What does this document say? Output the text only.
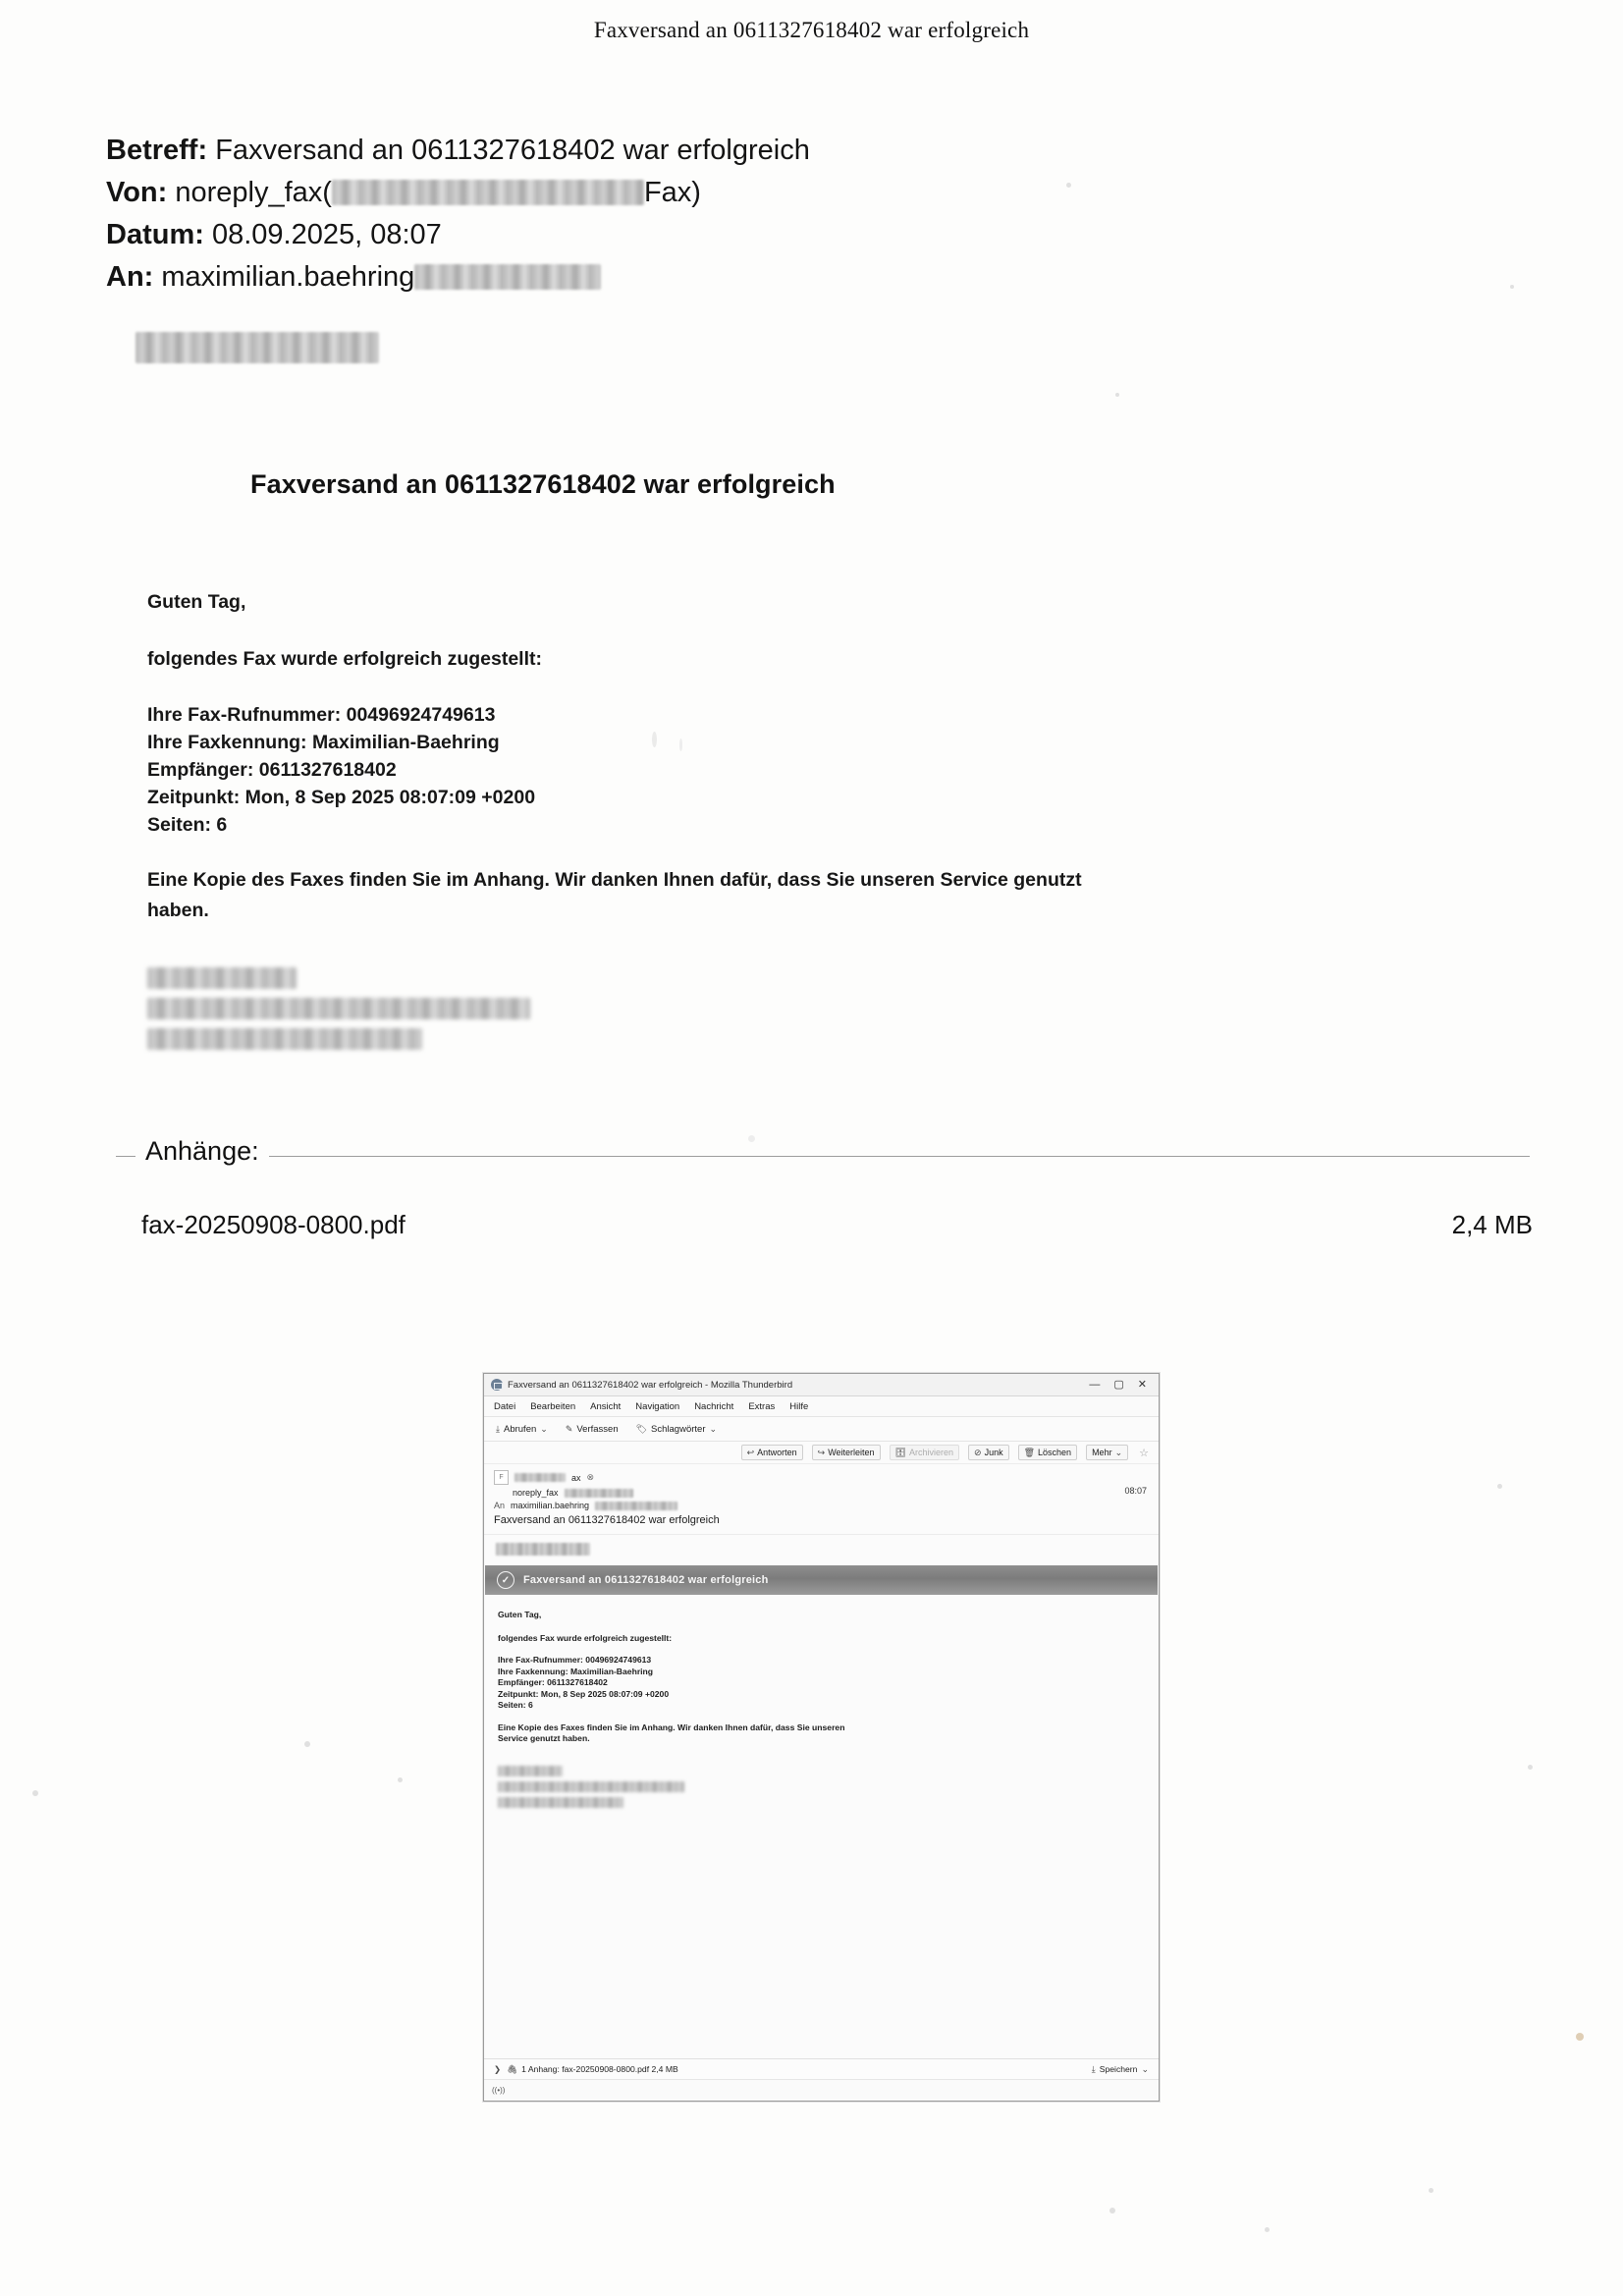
Faxversand an 0611327618402 war erfolgreich
Betreff: Faxversand an 0611327618402 war erfolgreich
Von: noreply_fax(	Fax)
Datum: 08.09.2025, 08:07
An: maximilian.baehring
Faxversand an 0611327618402 war erfolgreich

Guten Tag,

folgendes Fax wurde erfolgreich zugestellt:

Ihre Fax-Rufnummer: 00496924749613
Ihre Faxkennung: Maximilian-Baehring
Empfänger: 0611327618402
Zeitpunkt: Mon, 8 Sep 2025 08:07:09 +0200
Seiten: 6

Eine Kopie des Faxes finden Sie im Anhang. Wir danken Ihnen dafür, dass Sie unseren Service genutzt haben.

Anhänge:
fax-20250908-0800.pdf	2,4 MB
Faxversand an 0611327618402 war erfolgreich - Mozilla Thunderbird	— ▢ ✕
Datei Bearbeiten Ansicht Navigation Nachricht Extras Hilfe
⤓ Abrufen ⌄ ✎ Verfassen 🏷 Schlagwörter ⌄
↩ Antworten ↪ Weiterleiten 🗄 Archivieren ⊘ Junk 🗑 Löschen Mehr ⌄ ☆
F	ax ⊗
noreply_fax
An maximilian.baehring
Faxversand an 0611327618402 war erfolgreich
08:07
✓	Faxversand an 0611327618402 war erfolgreich

Guten Tag,

folgendes Fax wurde erfolgreich zugestellt:

Ihre Fax-Rufnummer: 00496924749613
Ihre Faxkennung: Maximilian-Baehring
Empfänger: 0611327618402
Zeitpunkt: Mon, 8 Sep 2025 08:07:09 +0200
Seiten: 6
Eine Kopie des Faxes finden Sie im Anhang. Wir danken Ihnen dafür, dass Sie unseren
Service genutzt haben.
❯ 🖇 1 Anhang: fax-20250908-0800.pdf 2,4 MB	⤓ Speichern ⌄
((•))
